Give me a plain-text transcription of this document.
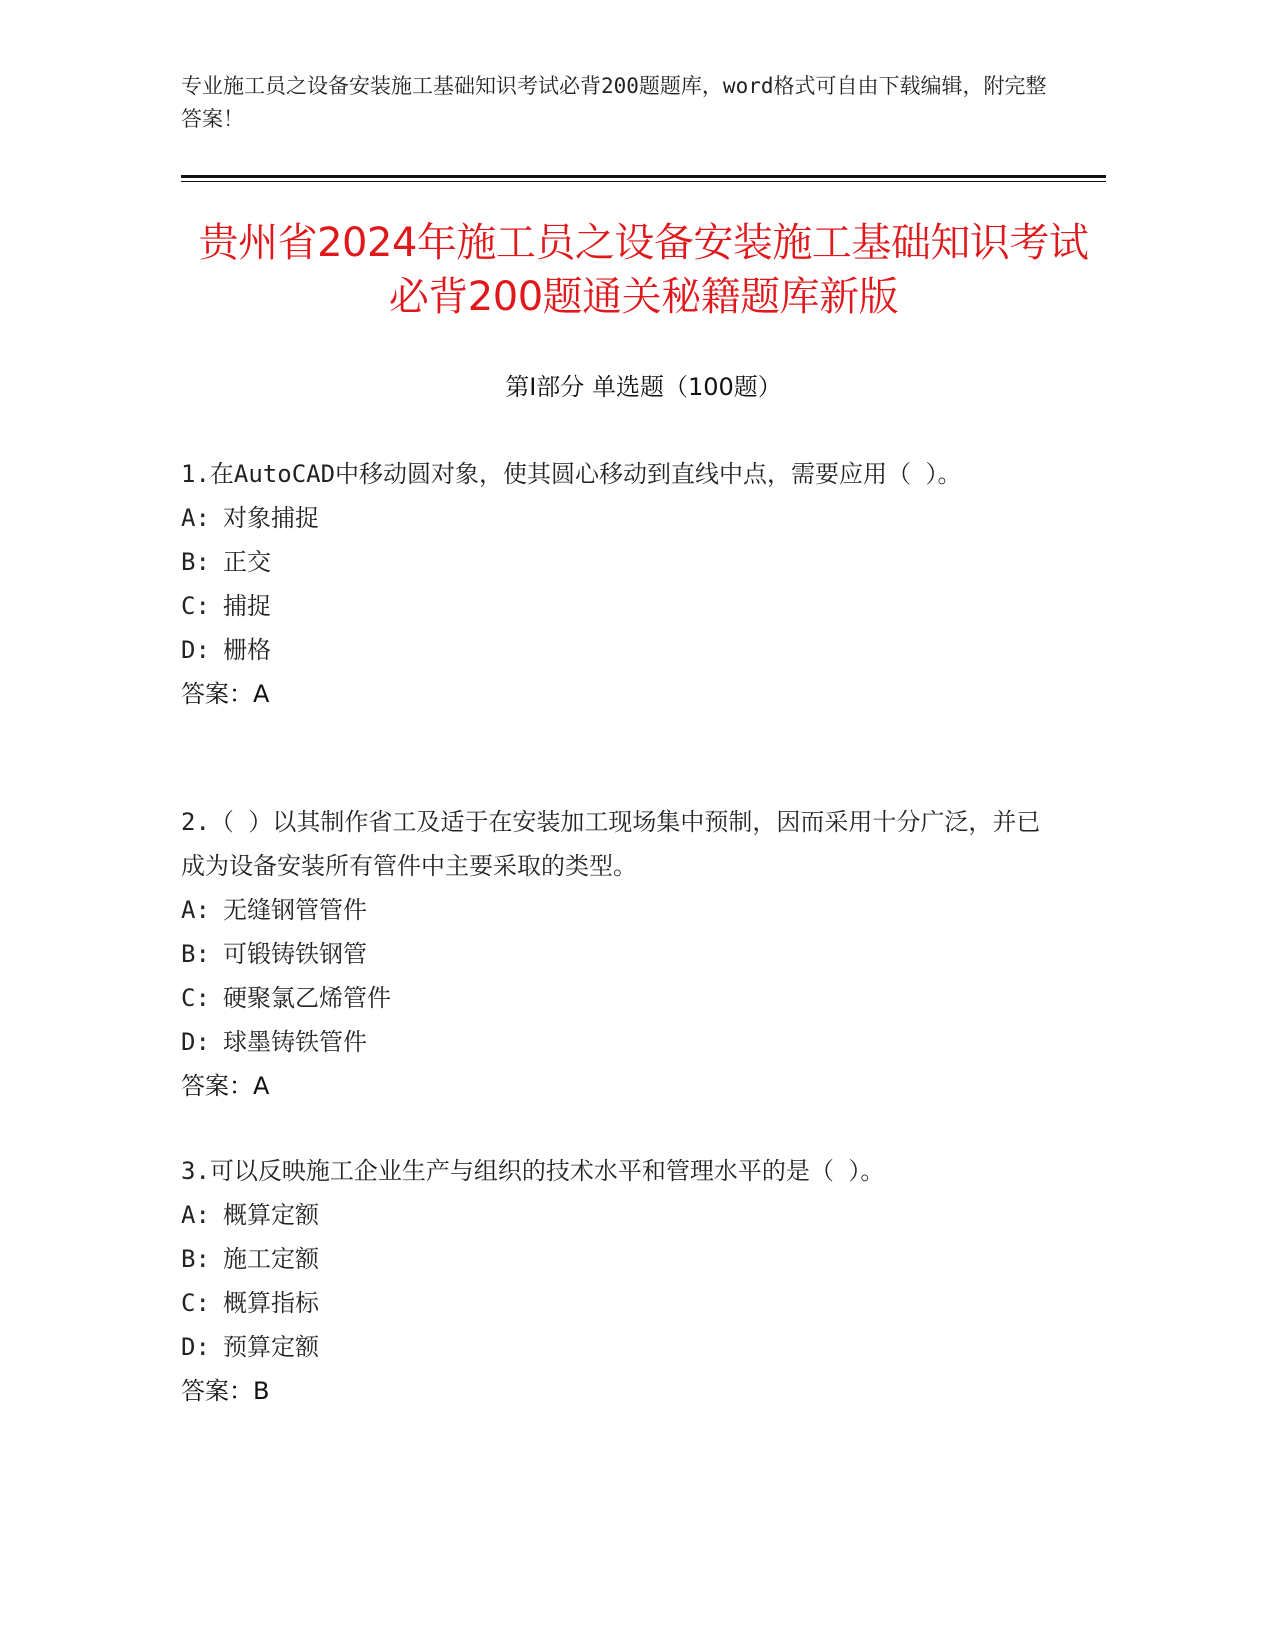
专业施工员之设备安装施工基础知识考试必背200题题库，word格式可自由下载编辑，附完整答案！
贵州省2024年施工员之设备安装施工基础知识考试必背200题通关秘籍题库新版
第Ⅰ部分 单选题（100题）

1.在AutoCAD中移动圆对象，使其圆心移动到直线中点，需要应用（ ）。

A: 对象捕捉

B: 正交

C: 捕捉

D: 栅格

答案：A

2.（ ）以其制作省工及适于在安装加工现场集中预制，因而采用十分广泛，并已成为设备安装所有管件中主要采取的类型。

A: 无缝钢管管件

B: 可锻铸铁钢管

C: 硬聚氯乙烯管件

D: 球墨铸铁管件

答案：A

3.可以反映施工企业生产与组织的技术水平和管理水平的是（ ）。

A: 概算定额

B: 施工定额

C: 概算指标

D: 预算定额

答案：B
